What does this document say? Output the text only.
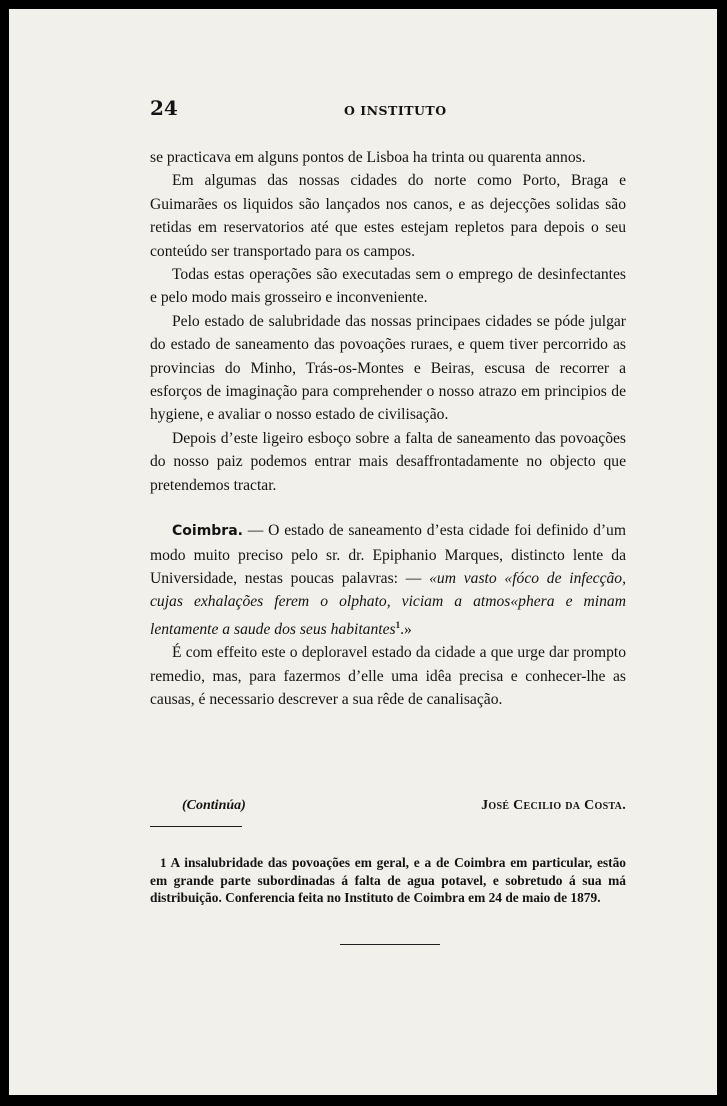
24	O INSTITUTO

se practicava em alguns pontos de Lisboa ha trinta ou quarenta annos.

Em algumas das nossas cidades do norte como Porto, Braga e Guimarães os liquidos são lançados nos canos, e as dejecções solidas são retidas em reservatorios até que estes estejam repletos para depois o seu conteúdo ser transportado para os campos.

Todas estas operações são executadas sem o emprego de desinfectantes e pelo modo mais grosseiro e inconveniente.

Pelo estado de salubridade das nossas principaes cidades se póde julgar do estado de saneamento das povoações ruraes, e quem tiver percorrido as provincias do Minho, Trás-os-Montes e Beiras, escusa de recorrer a esforços de imaginação para comprehender o nosso atrazo em principios de hygiene, e avaliar o nosso estado de civilisação.

Depois d’este ligeiro esboço sobre a falta de saneamento das povoações do nosso paiz podemos entrar mais desaffrontadamente no objecto que pretendemos tractar.

Coimbra. — O estado de saneamento d’esta cidade foi definido d’um modo muito preciso pelo sr. dr. Epiphanio Marques, distincto lente da Universidade, nestas poucas palavras: — «um vasto «fóco de infecção, cujas exhalações ferem o olphato, viciam a atmos«phera e minam lentamente a saude dos seus habitantes$^1$.»

É com effeito este o deploravel estado da cidade a que urge dar prompto remedio, mas, para fazermos d’elle uma idêa precisa e conhecer-lhe as causas, é necessario descrever a sua rêde de canalisação.

(Continúa)	José Cecilio da Costa.

1 A insalubridade das povoações em geral, e a de Coimbra em particular, estão em grande parte subordinadas á falta de agua potavel, e sobretudo á sua má distribuição. Conferencia feita no Instituto de Coimbra em 24 de maio de 1879.
